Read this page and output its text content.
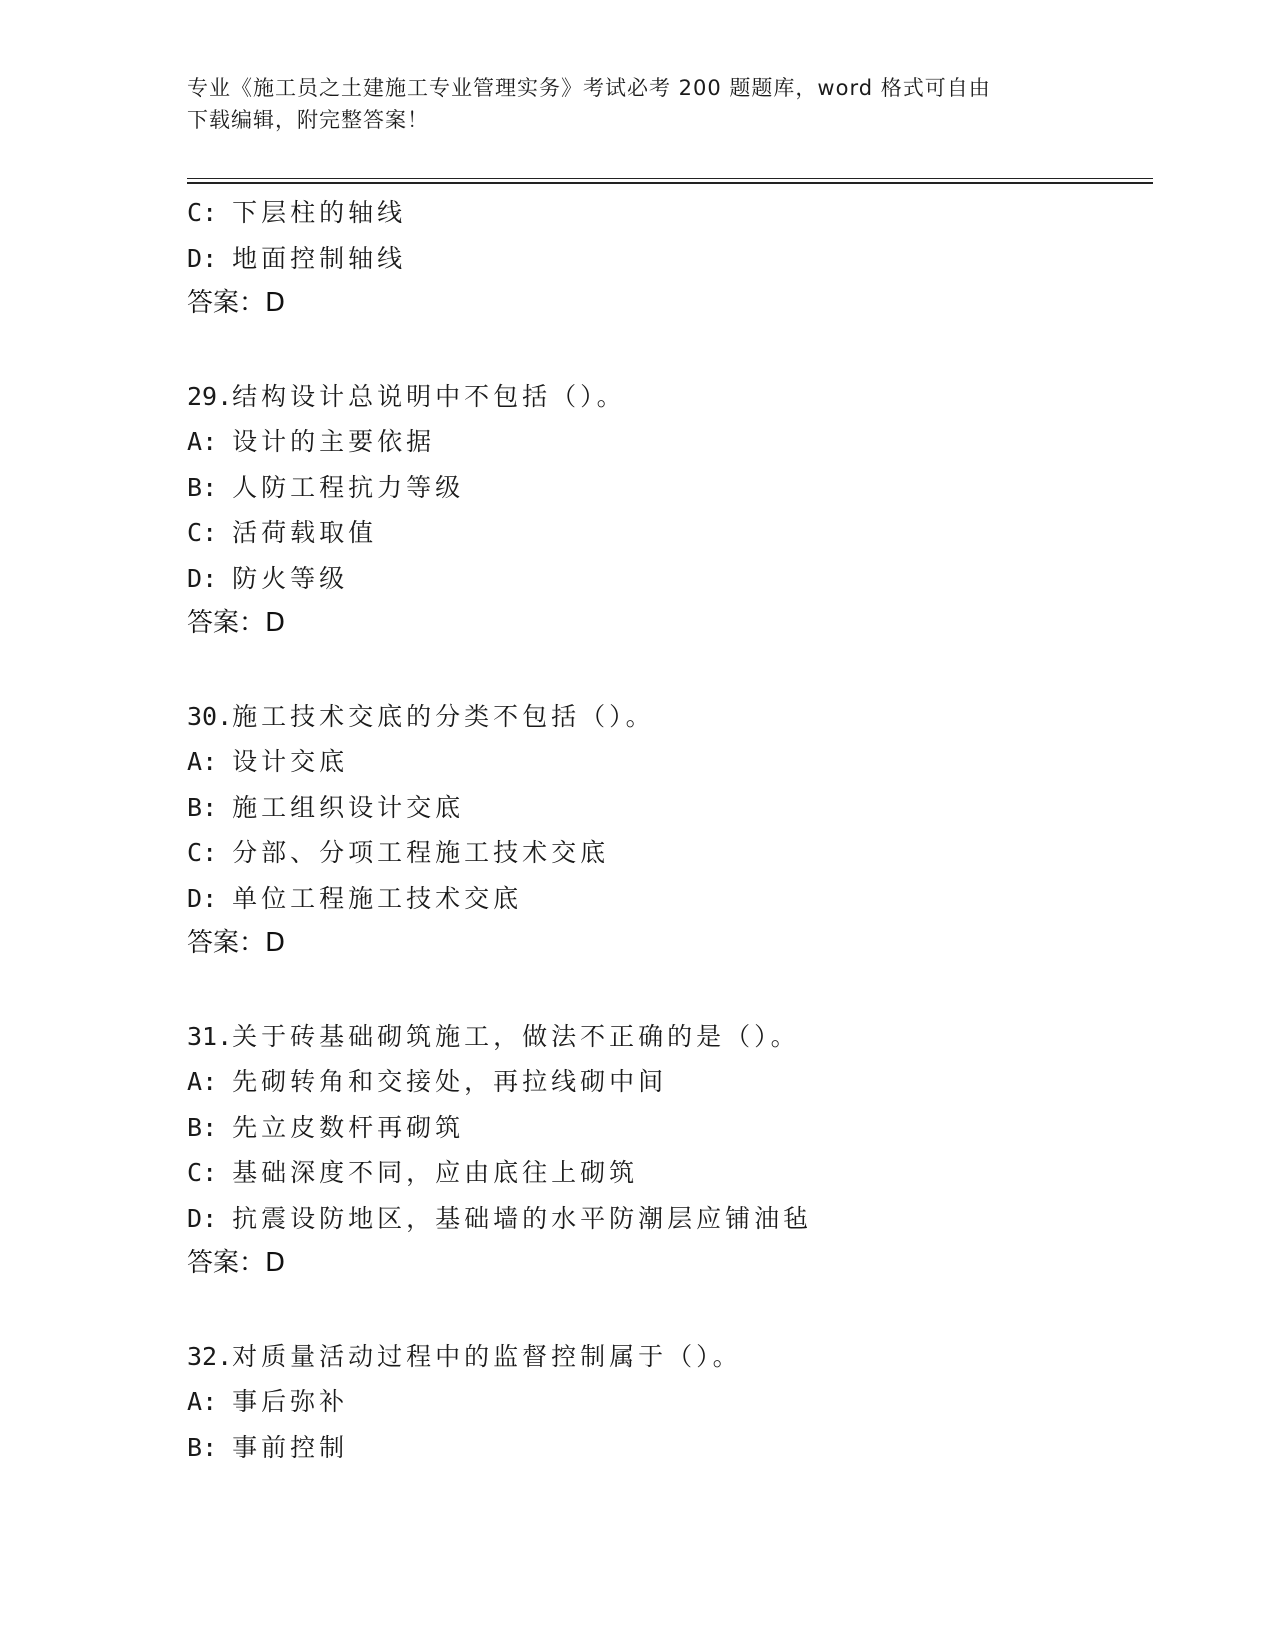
专业《施工员之土建施工专业管理实务》考试必考 200 题题库，word 格式可自由
下载编辑，附完整答案！
C: 下层柱的轴线
D: 地面控制轴线
答案：D
29.结构设计总说明中不包括（）。
A: 设计的主要依据
B: 人防工程抗力等级
C: 活荷载取值
D: 防火等级
答案：D
30.施工技术交底的分类不包括（）。
A: 设计交底
B: 施工组织设计交底
C: 分部、分项工程施工技术交底
D: 单位工程施工技术交底
答案：D
31.关于砖基础砌筑施工，做法不正确的是（）。
A: 先砌转角和交接处，再拉线砌中间
B: 先立皮数杆再砌筑
C: 基础深度不同，应由底往上砌筑
D: 抗震设防地区，基础墙的水平防潮层应铺油毡
答案：D
32.对质量活动过程中的监督控制属于（）。
A: 事后弥补
B: 事前控制
